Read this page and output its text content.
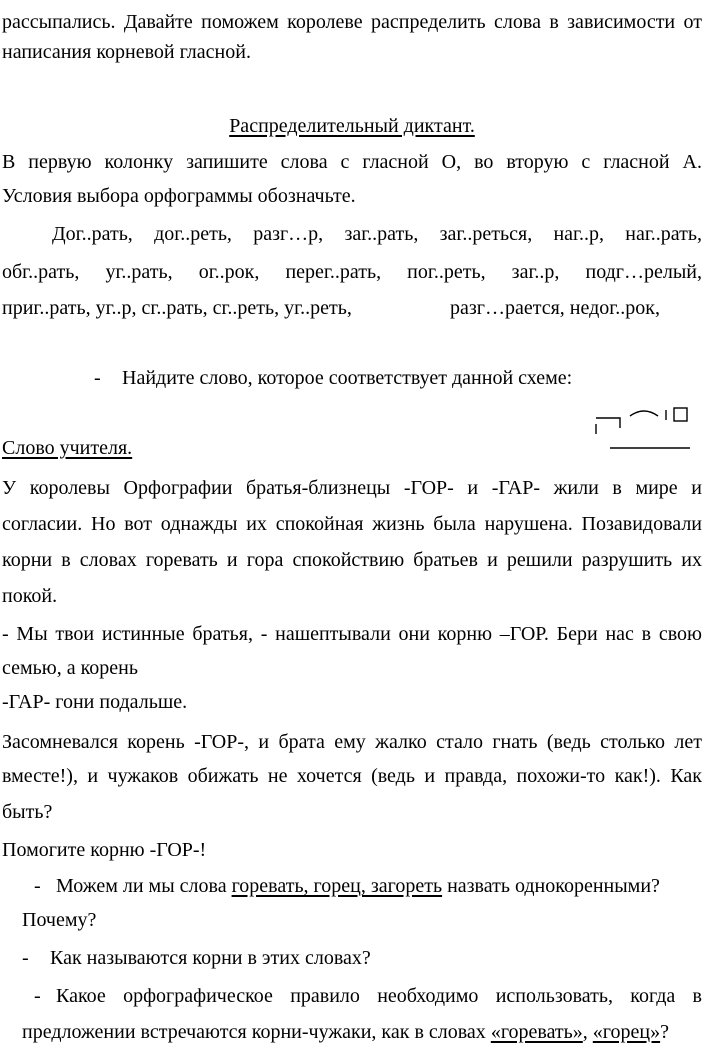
рассыпались. Давайте поможем королеве распределить слова в зависимости от
написания корневой гласной.
Распределительный диктант.
В первую колонку запишите слова с гласной О, во вторую с гласной А.
Условия выбора орфограммы обозначьте.
Дог..рать, дог..реть, разг…р, заг..рать, заг..реться, наг..р, наг..рать,
обг..рать, уг..рать, ог..рок, перег..рать, пог..реть, заг..р, подг…релый,
приг..рать, уг..р, сг..рать, сг..реть, уг..реть,	разг…рается, недог..рок,
-	Найдите слово, которое соответствует данной схеме:
Слово учителя.
У королевы Орфографии братья-близнецы -ГОР- и -ГАР- жили в мире и
согласии. Но вот однажды их спокойная жизнь была нарушена. Позавидовали
корни в словах горевать и гора спокойствию братьев и решили разрушить их
покой.
- Мы твои истинные братья, - нашептывали они корню –ГОР. Бери нас в свою
семью, а корень
-ГАР- гони подальше.
Засомневался корень -ГОР-, и брата ему жалко стало гнать (ведь столько лет
вместе!), и чужаков обижать не хочется (ведь и правда, похожи-то как!). Как
быть?
Помогите корню -ГОР-!
- Можем ли мы слова горевать, горец, загореть назвать однокоренными?
Почему?
-	Как называются корни в этих словах?
- Какое орфографическое правило необходимо использовать, когда в
предложении встречаются корни-чужаки, как в словах «горевать», «горец»?
